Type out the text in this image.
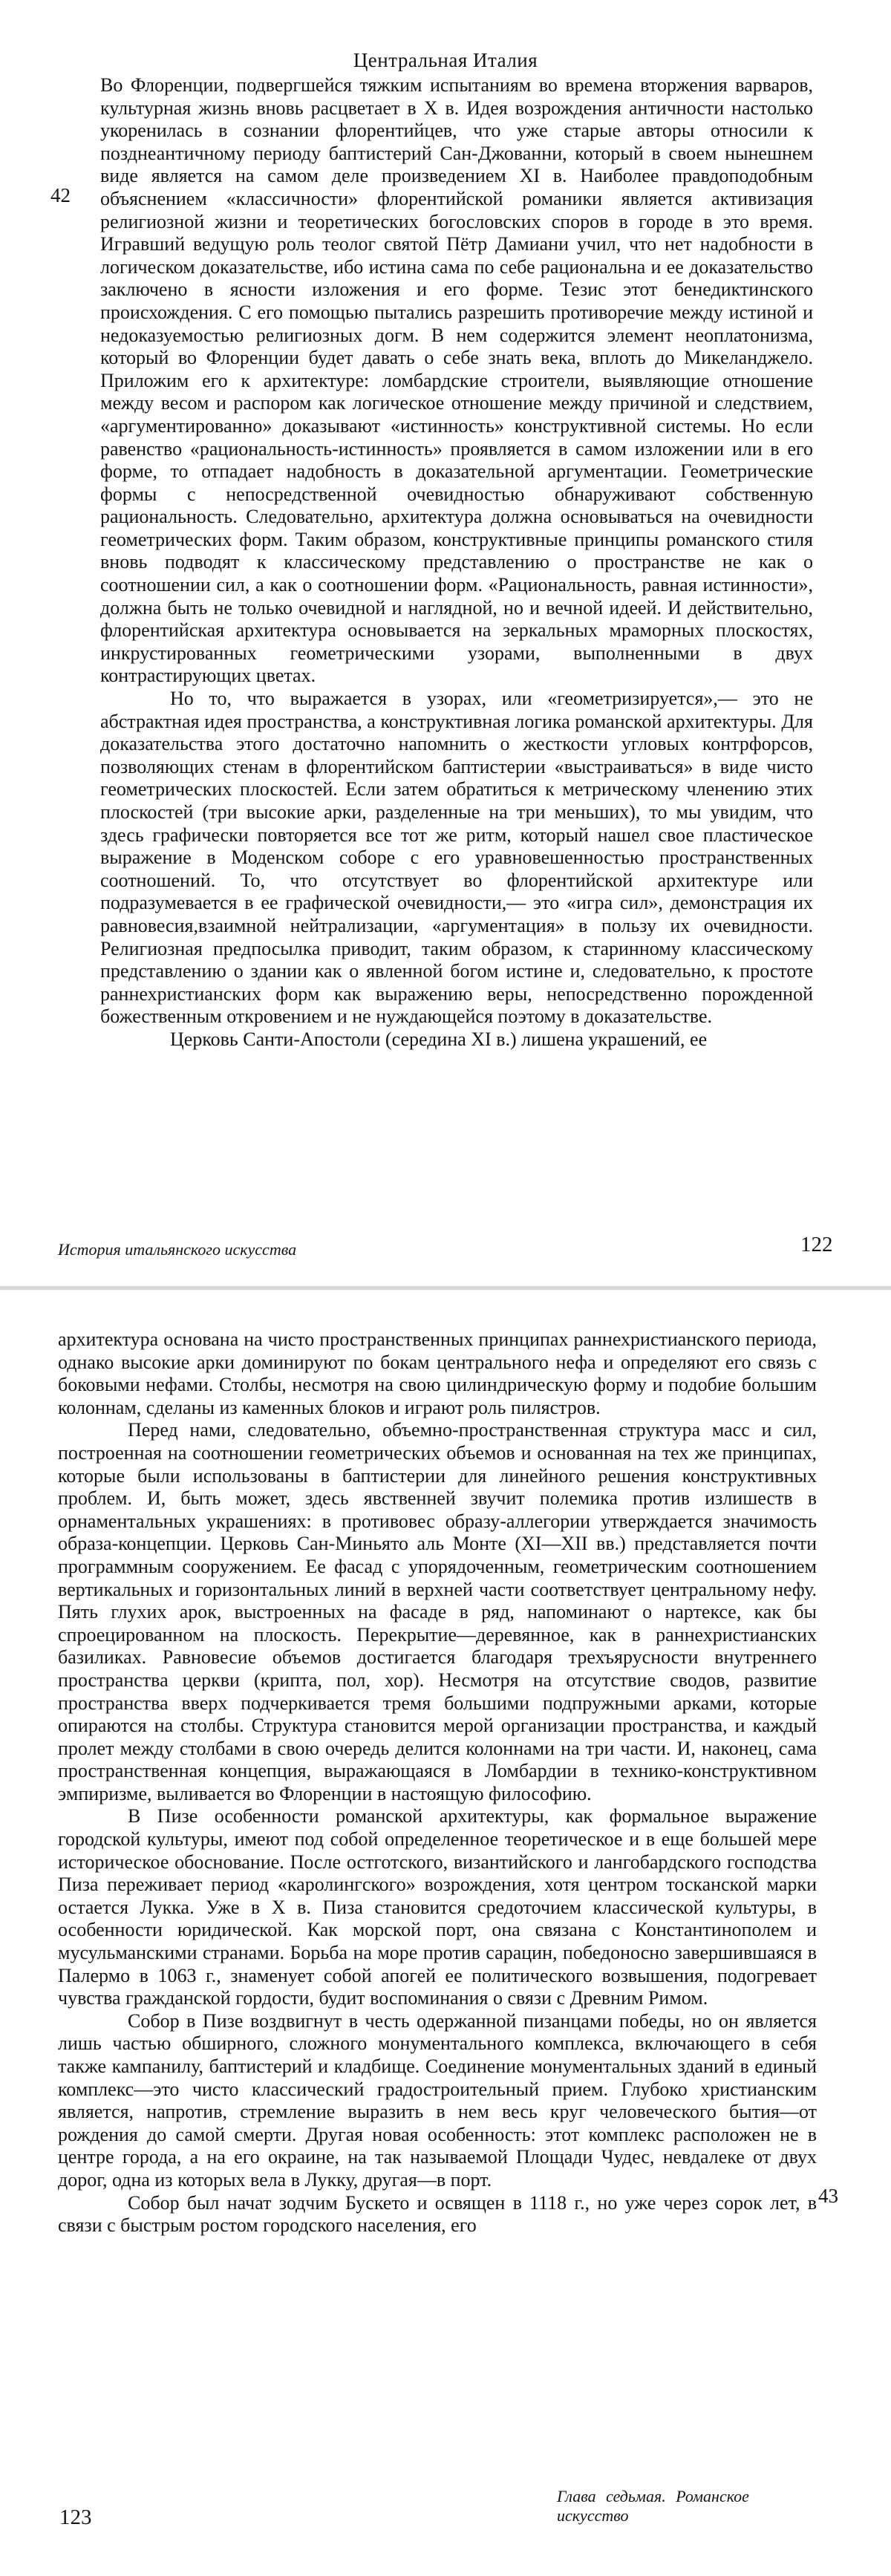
Центральная Италия
42

Во Флоренции, подвергшейся тяжким испытаниям во времена вторжения варваров, культурная жизнь вновь расцветает в X в. Идея возрождения античности настолько укоренилась в сознании флорентийцев, что уже старые авторы относили к позднеантичному периоду баптистерий Сан-Джованни, который в своем нынешнем виде является на самом деле произведением XI в. Наиболее правдоподобным объяснением «классичности» флорентийской романики является активизация религиозной жизни и теоретических богословских споров в городе в это время. Игравший ведущую роль теолог святой Пётр Дамиани учил, что нет надобности в логическом доказательстве, ибо истина сама по себе рациональна и ее доказательство заключено в ясности изложения и его форме. Тезис этот бенедиктинского происхождения. С его помощью пытались разрешить противоречие между истиной и недоказуемостью религиозных догм. В нем содержится элемент неоплатонизма, который во Флоренции будет давать о себе знать века, вплоть до Микеланджело. Приложим его к архитектуре: ломбардские строители, выявляющие отношение между весом и распором как логическое отношение между причиной и следствием, «аргументированно» доказывают «истинность» конструктивной системы. Но если равенство «рациональность-истинность» проявляется в самом изложении или в его форме, то отпадает надобность в доказательной аргументации. Геометрические формы с непосредственной очевидностью обнаруживают собственную рациональность. Следовательно, архитектура должна основываться на очевидности геометрических форм. Таким образом, конструктивные принципы романского стиля вновь подводят к классическому представлению о пространстве не как о соотношении сил, а как о соотношении форм. «Рациональность, равная истинности», должна быть не только очевидной и наглядной, но и вечной идеей. И действительно, флорентийская архитектура основывается на зеркальных мраморных плоскостях, инкрустированных геометрическими узорами, выполненными в двух контрастирующих цветах.

Но то, что выражается в узорах, или «геометризируется»,— это не абстрактная идея пространства, а конструктивная логика романской архитектуры. Для доказательства этого достаточно напомнить о жесткости угловых контрфорсов, позволяющих стенам в флорентийском баптистерии «выстраиваться» в виде чисто геометрических плоскостей. Если затем обратиться к метрическому членению этих плоскостей (три высокие арки, разделенные на три меньших), то мы увидим, что здесь графически повторяется все тот же ритм, который нашел свое пластическое выражение в Моденском соборе с его уравновешенностью пространственных соотношений. То, что отсутствует во флорентийской архитектуре или подразумевается в ее графической очевидности,— это «игра сил», демонстрация их равновесия,взаимной нейтрализации, «аргументация» в пользу их очевидности. Религиозная предпосылка приводит, таким образом, к старинному классическому представлению о здании как о явленной богом истине и, следовательно, к простоте раннехристианских форм как выражению веры, непосредственно порожденной божественным откровением и не нуждающейся поэтому в доказательстве.

Церковь Санти-Апостоли (середина XI в.) лишена украшений, ее

История итальянского искусства	122
43

архитектура основана на чисто пространственных принципах раннехристианского периода, однако высокие арки доминируют по бокам центрального нефа и определяют его связь с боковыми нефами. Столбы, несмотря на свою цилиндрическую форму и подобие большим колоннам, сделаны из каменных блоков и играют роль пилястров.

Перед нами, следовательно, объемно-пространственная структура масс и сил, построенная на соотношении геометрических объемов и основанная на тех же принципах, которые были использованы в баптистерии для линейного решения конструктивных проблем. И, быть может, здесь явственней звучит полемика против излишеств в орнаментальных украшениях: в противовес образу-аллегории утверждается значимость образа-концепции. Церковь Сан-Миньято аль Монте (XI—XII вв.) представляется почти программным сооружением. Ее фасад с упорядоченным, геометрическим соотношением вертикальных и горизонтальных линий в верхней части соответствует центральному нефу. Пять глухих арок, выстроенных на фасаде в ряд, напоминают о нартексе, как бы спроецированном на плоскость. Перекрытие—деревянное, как в раннехристианских базиликах. Равновесие объемов достигается благодаря трехъярусности внутреннего пространства церкви (крипта, пол, хор). Несмотря на отсутствие сводов, развитие пространства вверх подчеркивается тремя большими подпружными арками, которые опираются на столбы. Структура становится мерой организации пространства, и каждый пролет между столбами в свою очередь делится колоннами на три части. И, наконец, сама пространственная концепция, выражающаяся в Ломбардии в технико-конструктивном эмпиризме, выливается во Флоренции в настоящую философию.

В Пизе особенности романской архитектуры, как формальное выражение городской культуры, имеют под собой определенное теоретическое и в еще большей мере историческое обоснование. После остготского, византийского и лангобардского господства Пиза переживает период «каролингского» возрождения, хотя центром тосканской марки остается Лукка. Уже в X в. Пиза становится средоточием классической культуры, в особенности юридической. Как морской порт, она связана с Константинополем и мусульманскими странами. Борьба на море против сарацин, победоносно завершившаяся в Палермо в 1063 г., знаменует собой апогей ее политического возвышения, подогревает чувства гражданской гордости, будит воспоминания о связи с Древним Римом.

Собор в Пизе воздвигнут в честь одержанной пизанцами победы, но он является лишь частью обширного, сложного монументального комплекса, включающего в себя также кампанилу, баптистерий и кладбище. Соединение монументальных зданий в единый комплекс—это чисто классический градостроительный прием. Глубоко христианским является, напротив, стремление выразить в нем весь круг человеческого бытия—от рождения до самой смерти. Другая новая особенность: этот комплекс расположен не в центре города, а на его окраине, на так называемой Площади Чудес, невдалеке от двух дорог, одна из которых вела в Лукку, другая—в порт.

Собор был начат зодчим Бускето и освящен в 1118 г., но уже через сорок лет, в связи с быстрым ростом городского населения, его

123
Глава седьмая. Романское искусство
